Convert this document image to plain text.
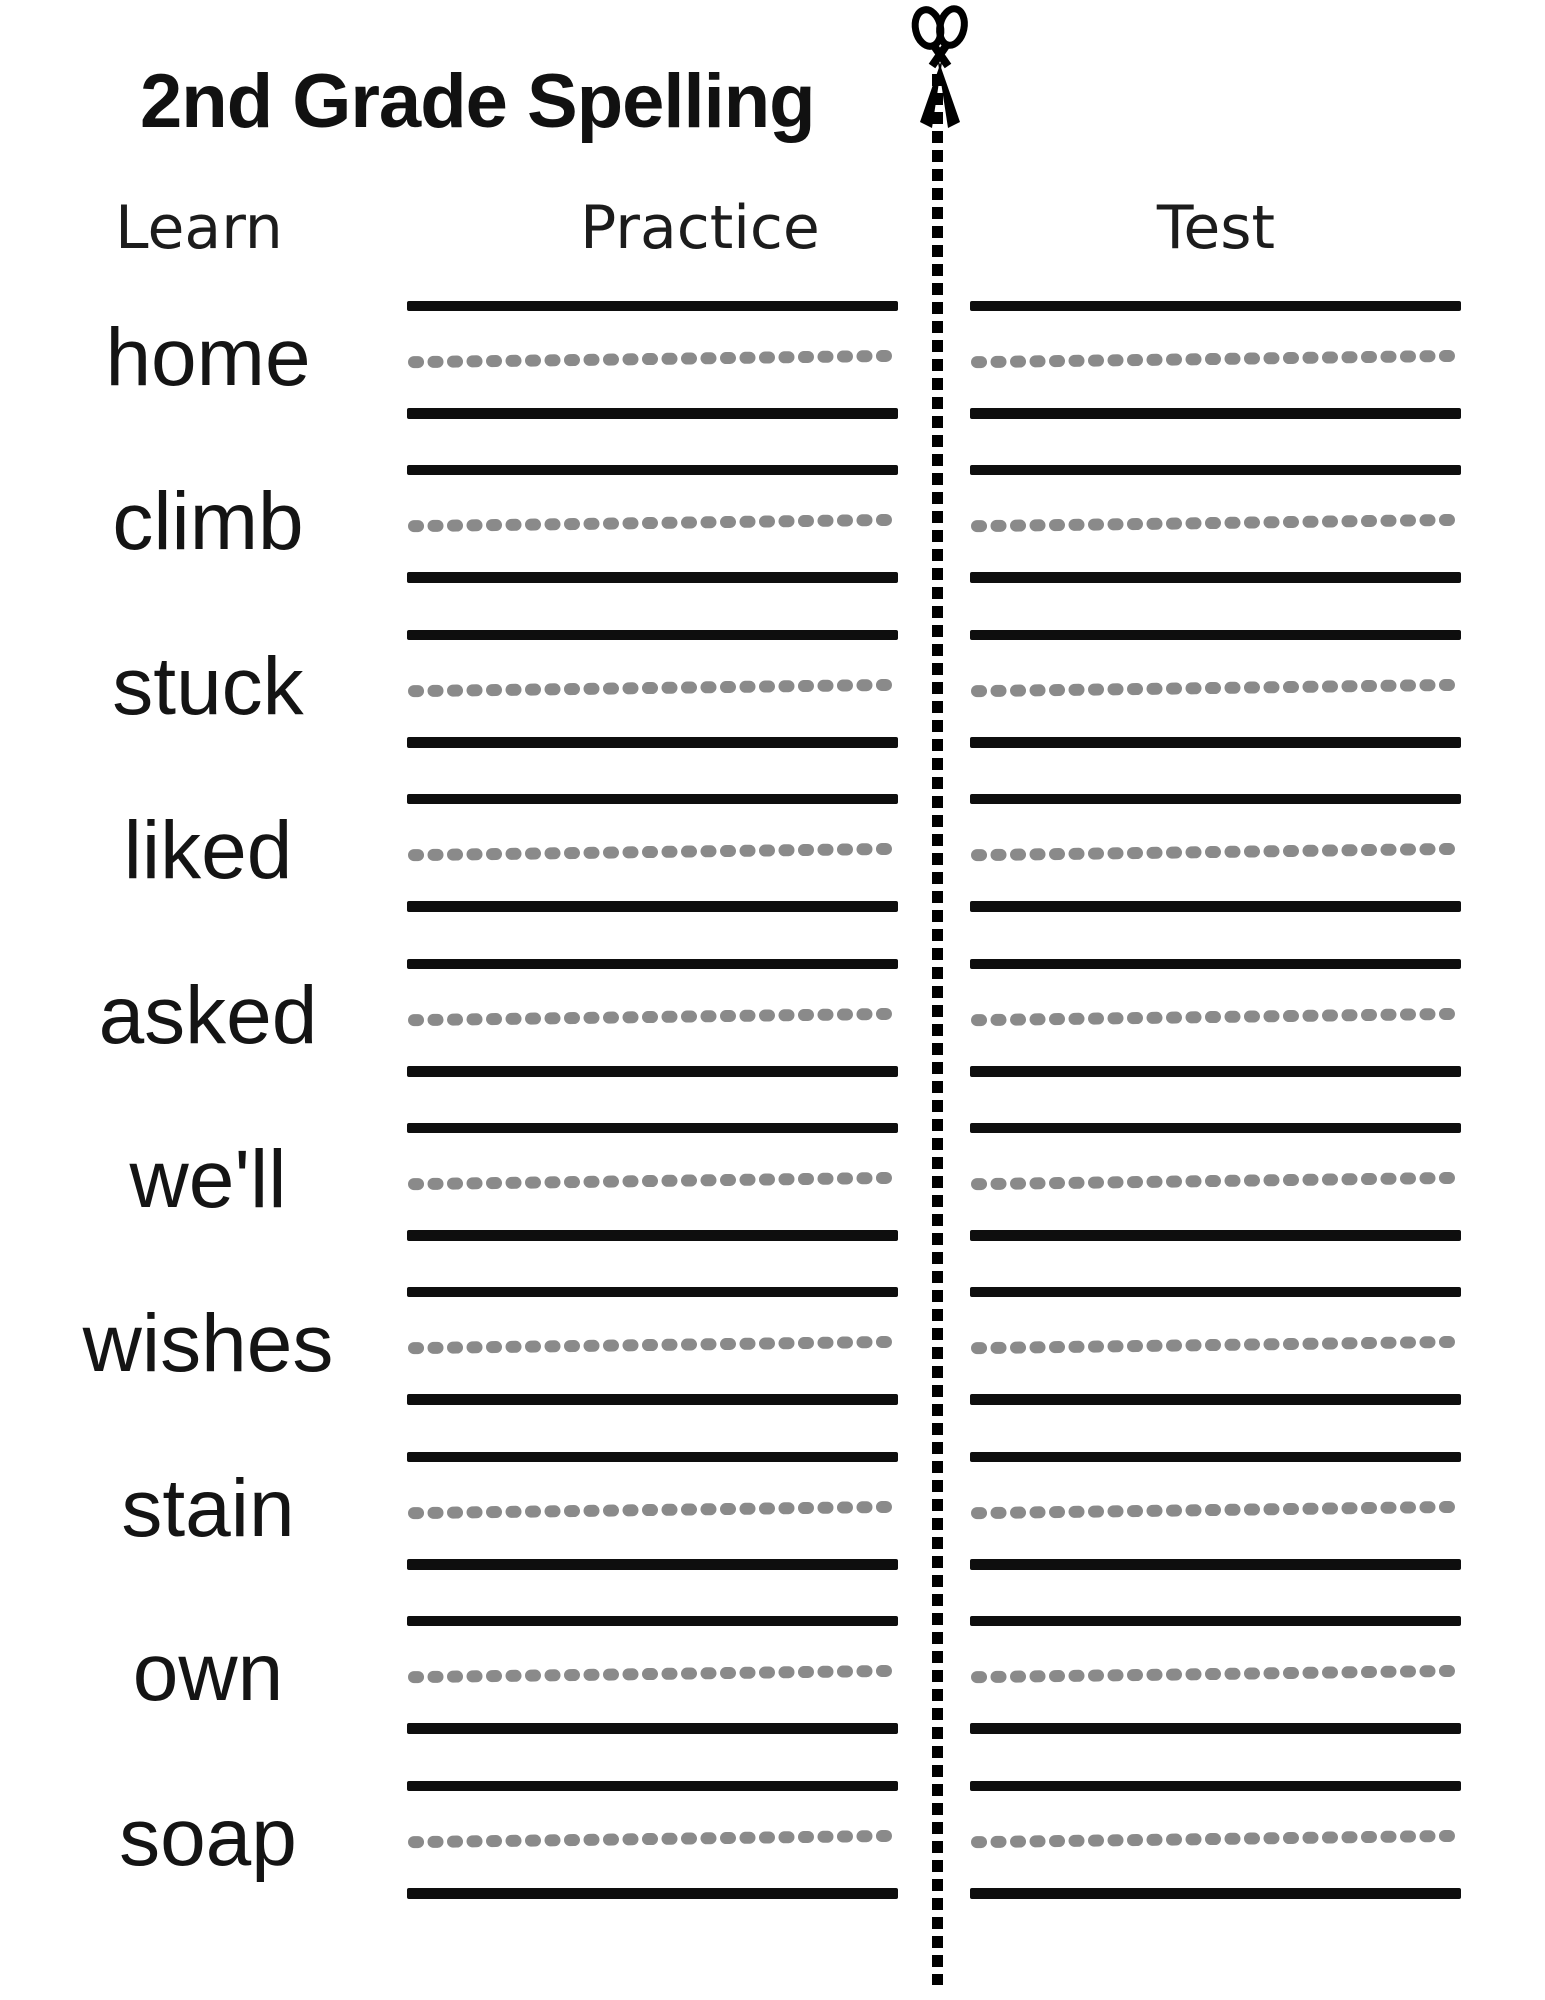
2nd Grade Spelling
Learn	Practice	Test
home
climb
stuck
liked
asked
we'll
wishes
stain
own
soap
